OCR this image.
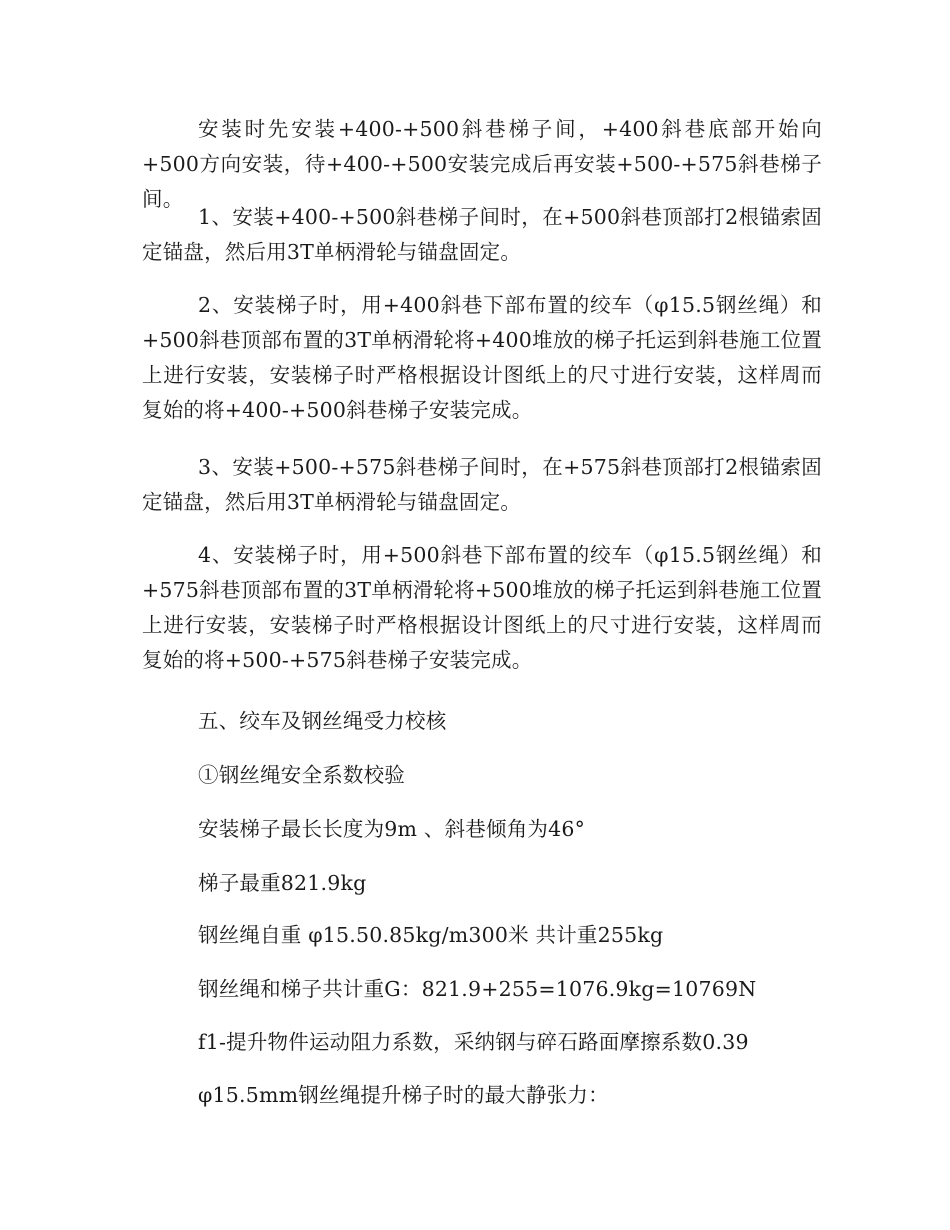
安装时先安装+400-+500斜巷梯子间，+400斜巷底部开始向+500方向安装，待+400-+500安装完成后再安装+500-+575斜巷梯子间。

1、安装+400-+500斜巷梯子间时，在+500斜巷顶部打2根锚索固定锚盘，然后用3T单柄滑轮与锚盘固定。

2、安装梯子时，用+400斜巷下部布置的绞车（φ15.5钢丝绳）和+500斜巷顶部布置的3T单柄滑轮将+400堆放的梯子托运到斜巷施工位置上进行安装，安装梯子时严格根据设计图纸上的尺寸进行安装，这样周而复始的将+400-+500斜巷梯子安装完成。

3、安装+500-+575斜巷梯子间时，在+575斜巷顶部打2根锚索固定锚盘，然后用3T单柄滑轮与锚盘固定。

4、安装梯子时，用+500斜巷下部布置的绞车（φ15.5钢丝绳）和+575斜巷顶部布置的3T单柄滑轮将+500堆放的梯子托运到斜巷施工位置上进行安装，安装梯子时严格根据设计图纸上的尺寸进行安装，这样周而复始的将+500-+575斜巷梯子安装完成。

五、绞车及钢丝绳受力校核

①钢丝绳安全系数校验

安装梯子最长长度为9m 、斜巷倾角为46°

梯子最重821.9kg

钢丝绳自重 φ15.50.85kg/m300米 共计重255kg

钢丝绳和梯子共计重G：821.9+255=1076.9kg=10769N

f1-提升物件运动阻力系数，采纳钢与碎石路面摩擦系数0.39

φ15.5mm钢丝绳提升梯子时的最大静张力：
